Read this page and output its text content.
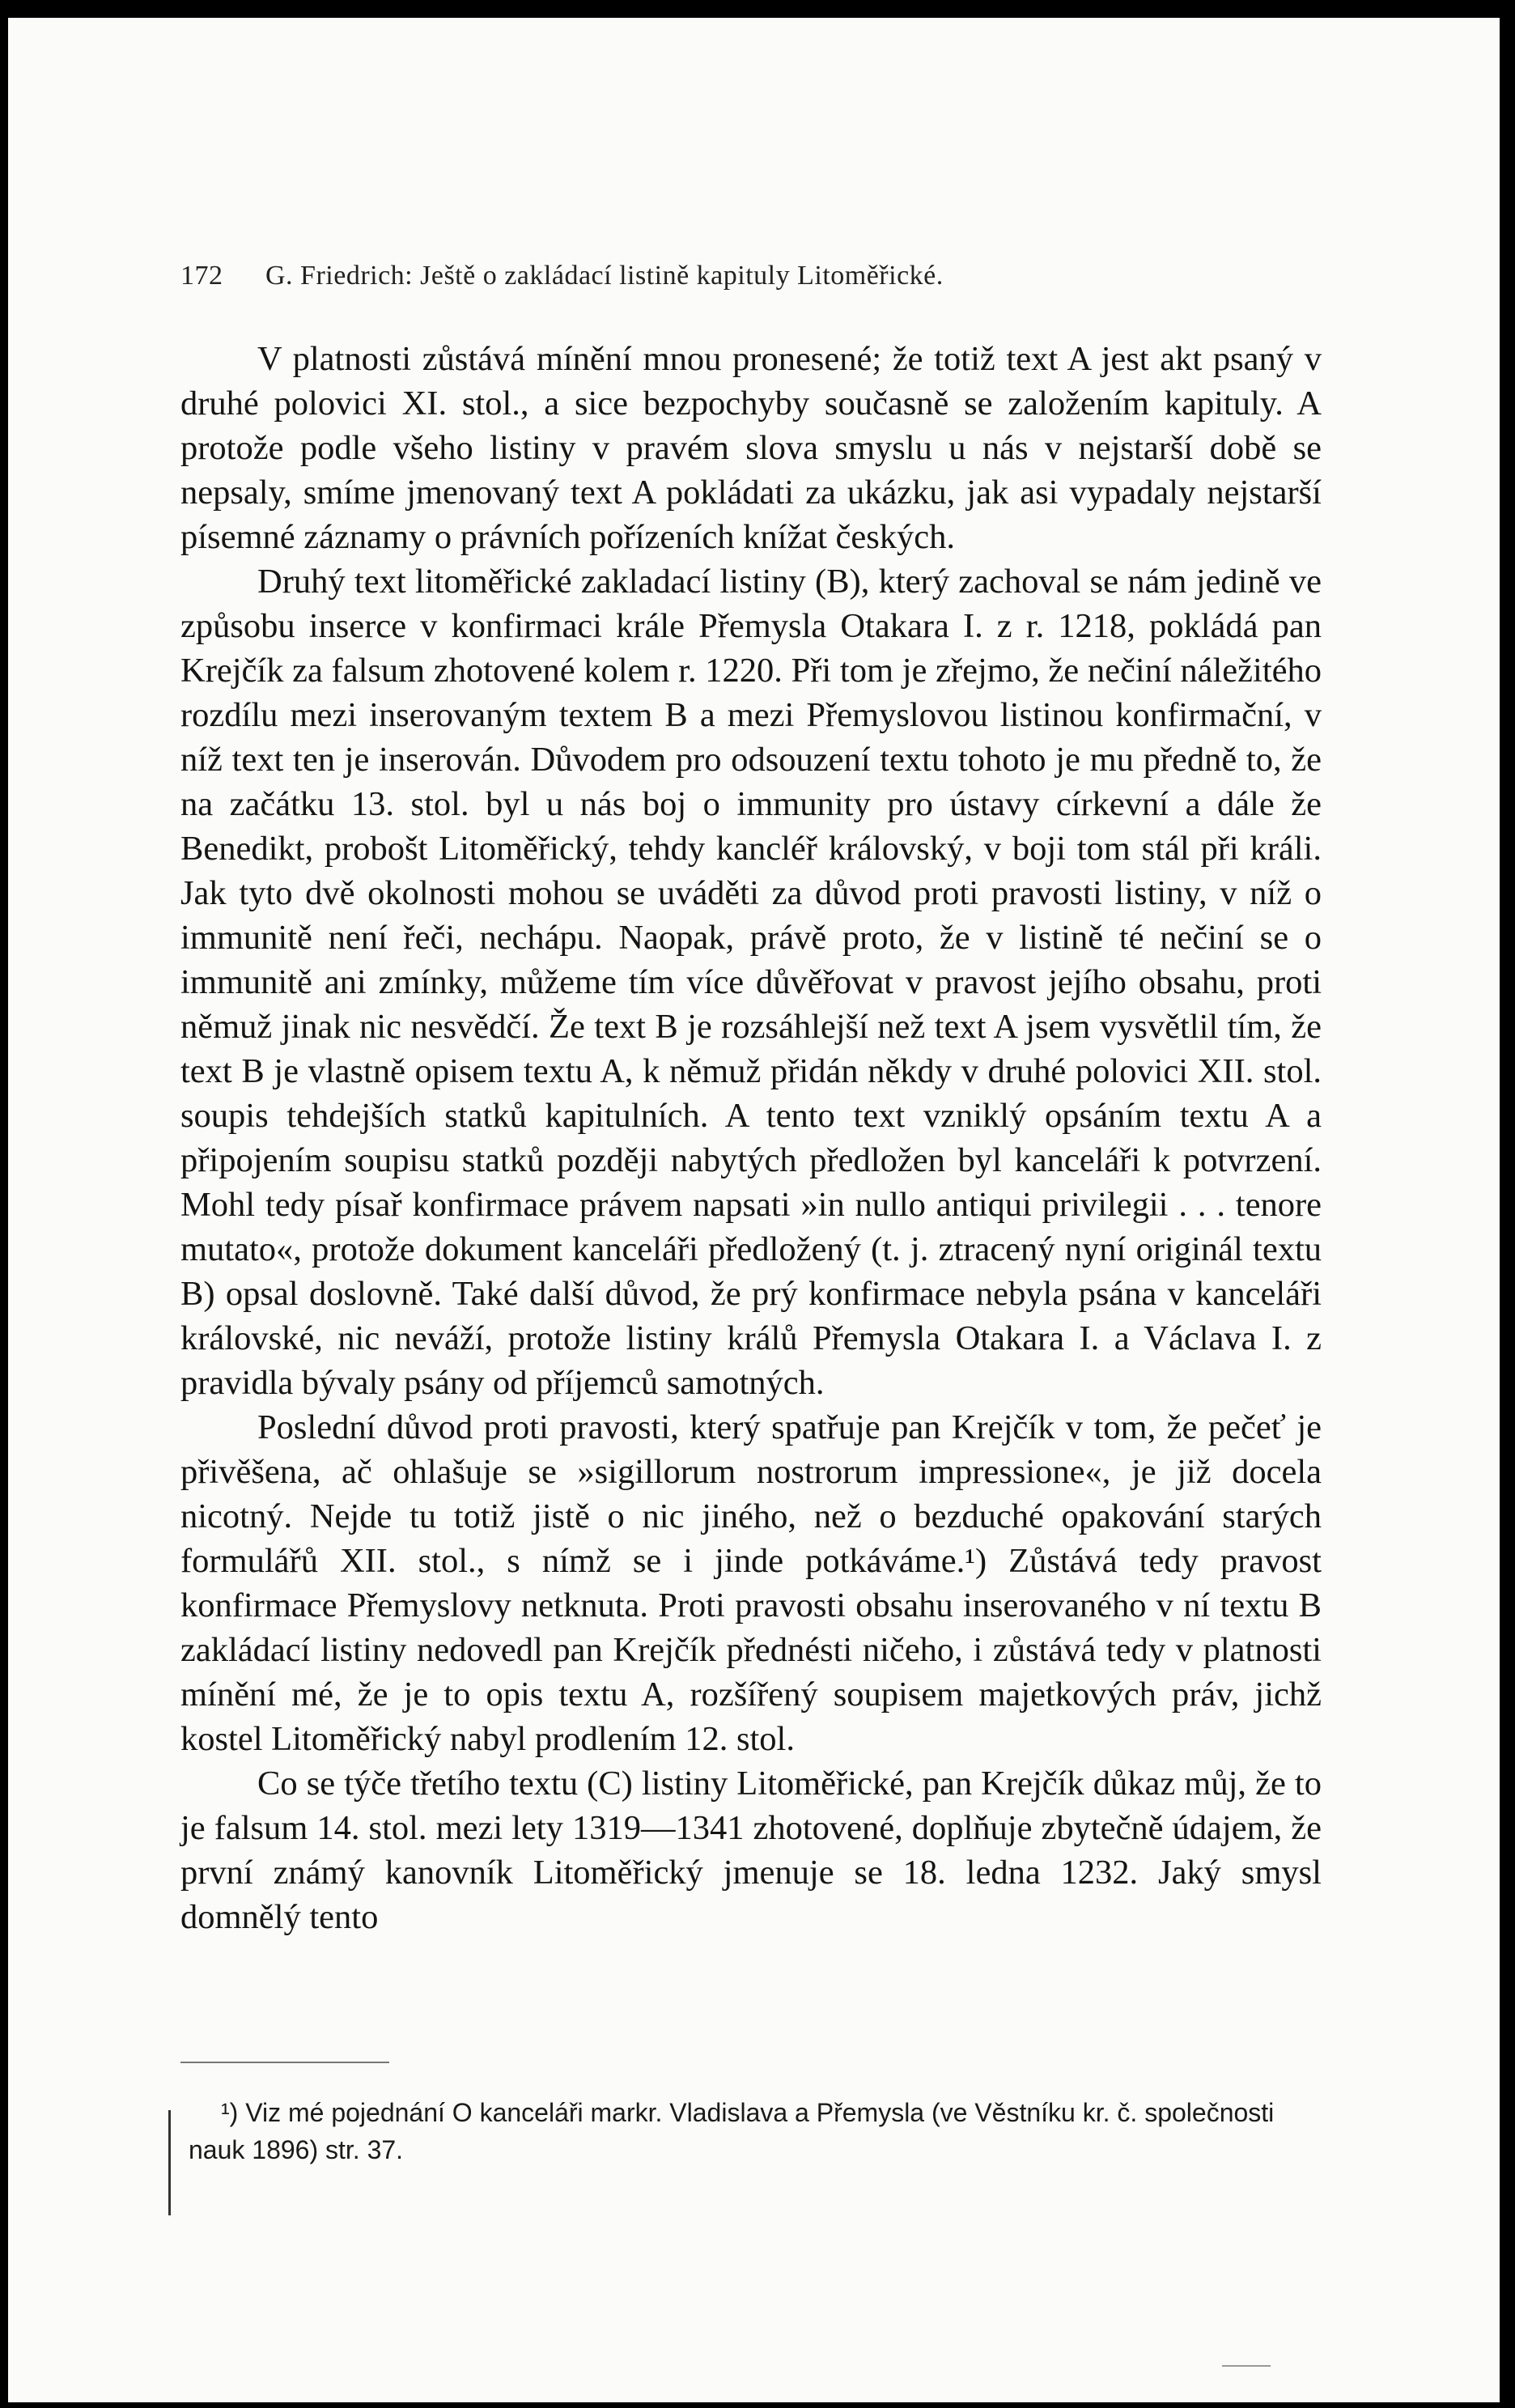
172 G. Friedrich: Ještě o zakládací listině kapituly Litoměřické.

V platnosti zůstává mínění mnou pronesené; že totiž text A jest akt psaný v druhé polovici XI. stol., a sice bezpochyby současně se založením kapituly. A protože podle všeho listiny v pravém slova smyslu u nás v nejstarší době se nepsaly, smíme jmenovaný text A pokládati za ukázku, jak asi vypadaly nejstarší písemné záznamy o právních pořízeních knížat českých.

Druhý text litoměřické zakladací listiny (B), který zachoval se nám jedině ve způsobu inserce v konfirmaci krále Přemysla Otakara I. z r. 1218, pokládá pan Krejčík za falsum zhotovené kolem r. 1220. Při tom je zřejmo, že nečiní náležitého rozdílu mezi inserovaným textem B a mezi Přemyslovou listinou konfirmační, v níž text ten je inserován. Důvodem pro odsouzení textu tohoto je mu předně to, že na začátku 13. stol. byl u nás boj o immunity pro ústavy církevní a dále že Benedikt, probošt Litoměřický, tehdy kancléř královský, v boji tom stál při králi. Jak tyto dvě okolnosti mohou se uváděti za důvod proti pravosti listiny, v níž o immunitě není řeči, nechápu. Naopak, právě proto, že v listině té nečiní se o immunitě ani zmínky, můžeme tím více důvěřovat v pravost jejího obsahu, proti němuž jinak nic nesvědčí. Že text B je rozsáhlejší než text A jsem vysvětlil tím, že text B je vlastně opisem textu A, k němuž přidán někdy v druhé polovici XII. stol. soupis tehdejších statků kapitulních. A tento text vzniklý opsáním textu A a připojením soupisu statků později nabytých předložen byl kanceláři k potvrzení. Mohl tedy písař konfirmace právem napsati »in nullo antiqui privilegii . . . tenore mutato«, protože dokument kanceláři předložený (t. j. ztracený nyní originál textu B) opsal doslovně. Také další důvod, že prý konfirmace nebyla psána v kanceláři královské, nic neváží, protože listiny králů Přemysla Otakara I. a Václava I. z pravidla bývaly psány od příjemců samotných.

Poslední důvod proti pravosti, který spatřuje pan Krejčík v tom, že pečeť je přivěšena, ač ohlašuje se »sigillorum nostrorum impressione«, je již docela nicotný. Nejde tu totiž jistě o nic jiného, než o bezduché opakování starých formulářů XII. stol., s nímž se i jinde potkáváme.¹) Zůstává tedy pravost konfirmace Přemyslovy netknuta. Proti pravosti obsahu inserovaného v ní textu B zakládací listiny nedovedl pan Krejčík přednésti ničeho, i zůstává tedy v platnosti mínění mé, že je to opis textu A, rozšířený soupisem majetkových práv, jichž kostel Litoměřický nabyl prodlením 12. stol.

Co se týče třetího textu (C) listiny Litoměřické, pan Krejčík důkaz můj, že to je falsum 14. stol. mezi lety 1319—1341 zhotovené, doplňuje zbytečně údajem, že první známý kanovník Litoměřický jmenuje se 18. ledna 1232. Jaký smysl domnělý tento

¹) Viz mé pojednání O kanceláři markr. Vladislava a Přemysla (ve Věstníku kr. č. společnosti nauk 1896) str. 37.
